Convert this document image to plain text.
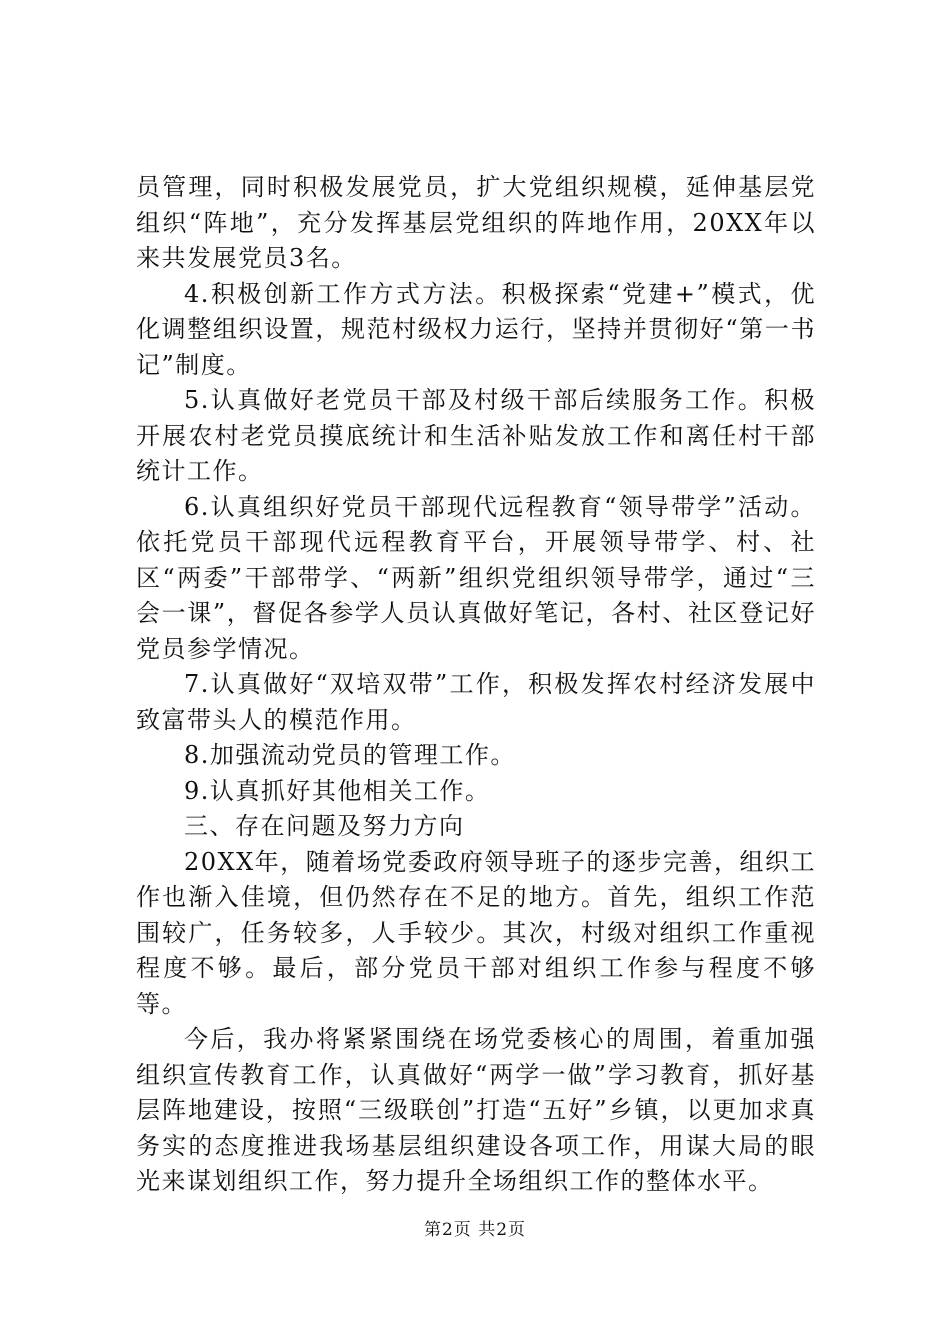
员管理，同时积极发展党员，扩大党组织规模，延伸基层党组织“阵地”，充分发挥基层党组织的阵地作用，20XX年以来共发展党员3名。

4.积极创新工作方式方法。积极探索“党建+”模式，优化调整组织设置，规范村级权力运行，坚持并贯彻好“第一书记”制度。

5.认真做好老党员干部及村级干部后续服务工作。积极开展农村老党员摸底统计和生活补贴发放工作和离任村干部统计工作。

6.认真组织好党员干部现代远程教育“领导带学”活动。依托党员干部现代远程教育平台，开展领导带学、村、社区“两委”干部带学、“两新”组织党组织领导带学，通过“三会一课”，督促各参学人员认真做好笔记，各村、社区登记好党员参学情况。

7.认真做好“双培双带”工作，积极发挥农村经济发展中致富带头人的模范作用。

8.加强流动党员的管理工作。

9.认真抓好其他相关工作。

三、存在问题及努力方向

20XX年，随着场党委政府领导班子的逐步完善，组织工作也渐入佳境，但仍然存在不足的地方。首先，组织工作范围较广，任务较多，人手较少。其次，村级对组织工作重视程度不够。最后，部分党员干部对组织工作参与程度不够等。

今后，我办将紧紧围绕在场党委核心的周围，着重加强组织宣传教育工作，认真做好“两学一做”学习教育，抓好基层阵地建设，按照“三级联创”打造“五好”乡镇，以更加求真务实的态度推进我场基层组织建设各项工作，用谋大局的眼光来谋划组织工作，努力提升全场组织工作的整体水平。

第2页 共2页
